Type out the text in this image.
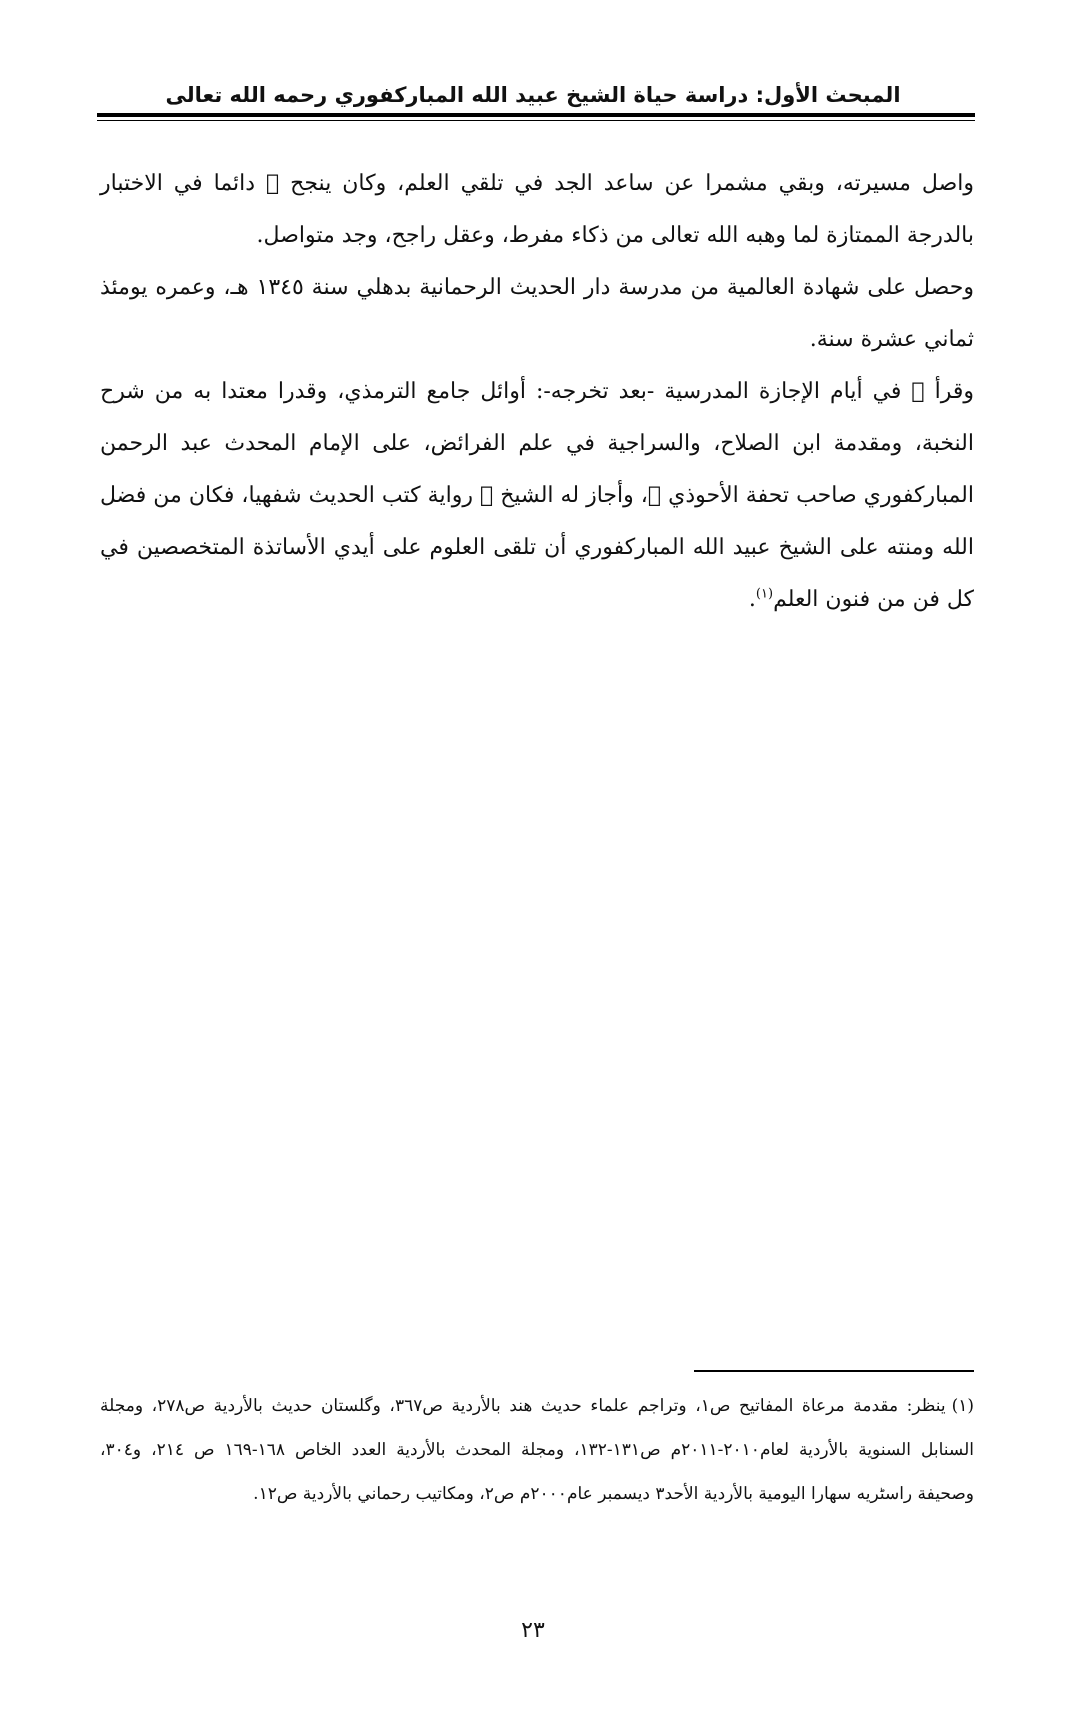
المبحث الأول: دراسة حياة الشيخ عبيد الله المباركفوري رحمه الله تعالى

واصل مسيرته، وبقي مشمرا عن ساعد الجد في تلقي العلم، وكان ينجح ﷫ دائما في الاختبار بالدرجة الممتازة لما وهبه الله تعالى من ذكاء مفرط، وعقل راجح، وجد متواصل.

وحصل على شهادة العالمية من مدرسة دار الحديث الرحمانية بدهلي سنة ١٣٤٥ هـ، وعمره يومئذ ثماني عشرة سنة.

وقرأ ﷫ في أيام الإجازة المدرسية -بعد تخرجه-: أوائل جامع الترمذي، وقدرا معتدا به من شرح النخبة، ومقدمة ابن الصلاح، والسراجية في علم الفرائض، على الإمام المحدث عبد الرحمن المباركفوري صاحب تحفة الأحوذي ﷫، وأجاز له الشيخ ﷫ رواية كتب الحديث شفهيا، فكان من فضل الله ومنته على الشيخ عبيد الله المباركفوري أن تلقى العلوم على أيدي الأساتذة المتخصصين في كل فن من فنون العلم$^{(١)}$.

(١)ينظر: مقدمة مرعاة المفاتيح ص١، وتراجم علماء حديث هند بالأردية ص٣٦٧، وگلستان حديث بالأردية ص٢٧٨، ومجلة السنابل السنوية بالأردية لعام٢٠١٠-٢٠١١م ص١٣١-١٣٢، ومجلة المحدث بالأردية العدد الخاص ١٦٨-١٦٩ ص ٢١٤، و٣٠٤، وصحيفة راسٹريه سهارا اليومية بالأردية الأحد٣ ديسمبر عام٢٠٠٠م ص٢، ومكاتيب رحماني بالأردية ص١٢.

٢٣
